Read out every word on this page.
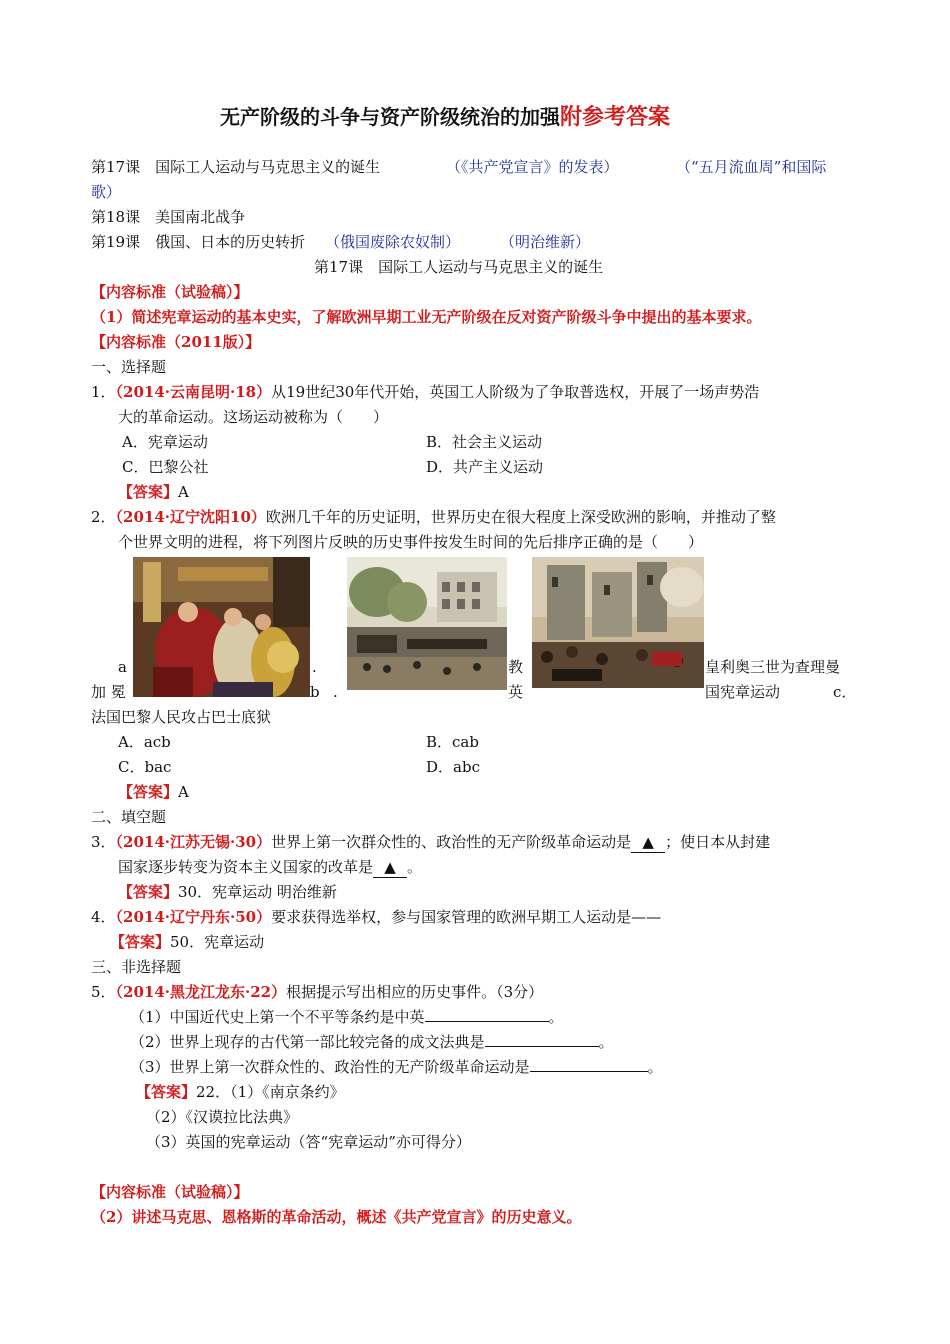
无产阶级的斗争与资产阶级统治的加强附参考答案
第17课　国际工人运动与马克思主义的诞生	（《共产党宣言》的发表）	（“五月流血周”和国际
歌）
第18课　美国南北战争
第19课　俄国、日本的历史转折 （俄国废除农奴制）	（明治维新）
第17课　国际工人运动与马克思主义的诞生
【内容标准（试验稿）】
（1）简述宪章运动的基本史实，了解欧洲早期工业无产阶级在反对资产阶级斗争中提出的基本要求。
【内容标准（2011版）】
一、选择题
1．（2014·云南昆明·18）从19世纪30年代开始，英国工人阶级为了争取普选权，开展了一场声势浩
大的革命运动。这场运动被称为（　　）
A．宪章运动	B．社会主义运动
C．巴黎公社	D．共产主义运动
【答案】A
2．（2014·辽宁沈阳10）欧洲几千年的历史证明，世界历史在很大程度上深受欧洲的影响，并推动了整
个世界文明的进程，将下列图片反映的历史事件按发生时间的先后排序正确的是（　　）
a	.	教	皇利奥三世为查理曼
加 冕	b .	英	国宪章运动	c．
法国巴黎人民攻占巴士底狱
A．acb	B．cab
C．bac	D．abc
【答案】A
二、填空题
3．（2014·江苏无锡·30）世界上第一次群众性的、政治性的无产阶级革命运动是 ▲ ；使日本从封建
国家逐步转变为资本主义国家的改革是 ▲ 。
【答案】30．宪章运动 明治维新
4．（2014·辽宁丹东·50）要求获得选举权，参与国家管理的欧洲早期工人运动是——
【答案】50．宪章运动
三、非选择题
5．（2014·黑龙江龙东·22）根据提示写出相应的历史事件。（3分）
（1）中国近代史上第一个不平等条约是中英	。
（2）世界上现存的古代第一部比较完备的成文法典是	。
（3）世界上第一次群众性的、政治性的无产阶级革命运动是	。
【答案】22．（1）《南京条约》
（2）《汉谟拉比法典》
（3）英国的宪章运动（答“宪章运动”亦可得分）
【内容标准（试验稿）】
（2）讲述马克思、恩格斯的革命活动，概述《共产党宣言》的历史意义。
